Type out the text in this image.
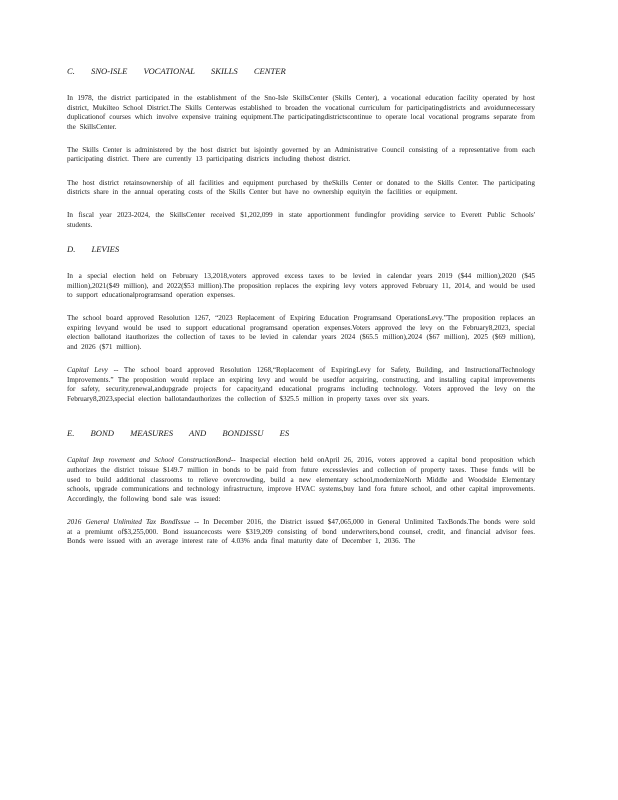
C. SNO-ISLE VOCATIONAL SKILLS CENTER

In 1978, the district participated in the establishment of the Sno-Isle SkillsCenter (Skills Center), a vocational education facility operated by host district, Mukilteo School District.The Skills Centerwas established to broaden the vocational curriculum for participatingdistricts and avoidunnecessary duplicationof courses which involve expensive training equipment.The participatingdistrictscontinue to operate local vocational programs separate from the SkillsCenter.

The Skills Center is administered by the host district but isjointly governed by an Administrative Council consisting of a representative from each participating district. There are currently 13 participating districts including thehost district.

The host district retainsownership of all facilities and equipment purchased by theSkills Center or donated to the Skills Center. The participating districts share in the annual operating costs of the Skills Center but have no ownership equityin the facilities or equipment.

In fiscal year 2023-2024, the SkillsCenter received $1,202,099 in state apportionment fundingfor providing service to Everett Public Schools' students.

D. LEVIES

In a special election held on February 13,2018,voters approved excess taxes to be levied in calendar years 2019 ($44 million),2020 ($45 million),2021($49 million), and 2022($53 million).The proposition replaces the expiring levy voters approved February 11, 2014, and would be used to support educationalprogramsand operation expenses.

The school board approved Resolution 1267, “2023 Replacement of Expiring Education Programsand OperationsLevy.”The proposition replaces an expiring levyand would be used to support educational programsand operation expenses.Voters approved the levy on the February8,2023, special election ballotand itauthorizes the collection of taxes to be levied in calendar years 2024 ($65.5 million),2024 ($67 million), 2025 ($69 million), and 2026 ($71 million).

Capital Levy -- The school board approved Resolution 1268,“Replacement of ExpiringLevy for Safety, Building, and InstructionalTechnology Improvements.” The proposition would replace an expiring levy and would be usedfor acquiring, constructing, and installing capital improvements for safety, security,renewal,andupgrade projects for capacity,and educational programs including technology. Voters approved the levy on the February8,2023,special election ballotandauthorizes the collection of $325.5 million in property taxes over six years.

E. BOND MEASURES AND BONDISSU ES

Capital Imp rovement and School ConstructionBond-- Inaspecial election held onApril 26, 2016, voters approved a capital bond proposition which authorizes the district toissue $149.7 million in bonds to be paid from future excesslevies and collection of property taxes. These funds will be used to build additional classrooms to relieve overcrowding, build a new elementary school,modernizeNorth Middle and Woodside Elementary schools, upgrade communications and technology infrastructure, improve HVAC systems,buy land fora future school, and other capital improvements. Accordingly, the following bond sale was issued:

2016 General Unlimited Tax BondIssue -- In December 2016, the District issued $47,065,000 in General Unlimited TaxBonds.The bonds were sold at a premiumt of$3,255,000. Bond issuancecosts were $319,209 consisting of bond underwriters,bond counsel, credit, and financial advisor fees. Bonds were issued with an average interest rate of 4.03% anda final maturity date of December 1, 2036. The
